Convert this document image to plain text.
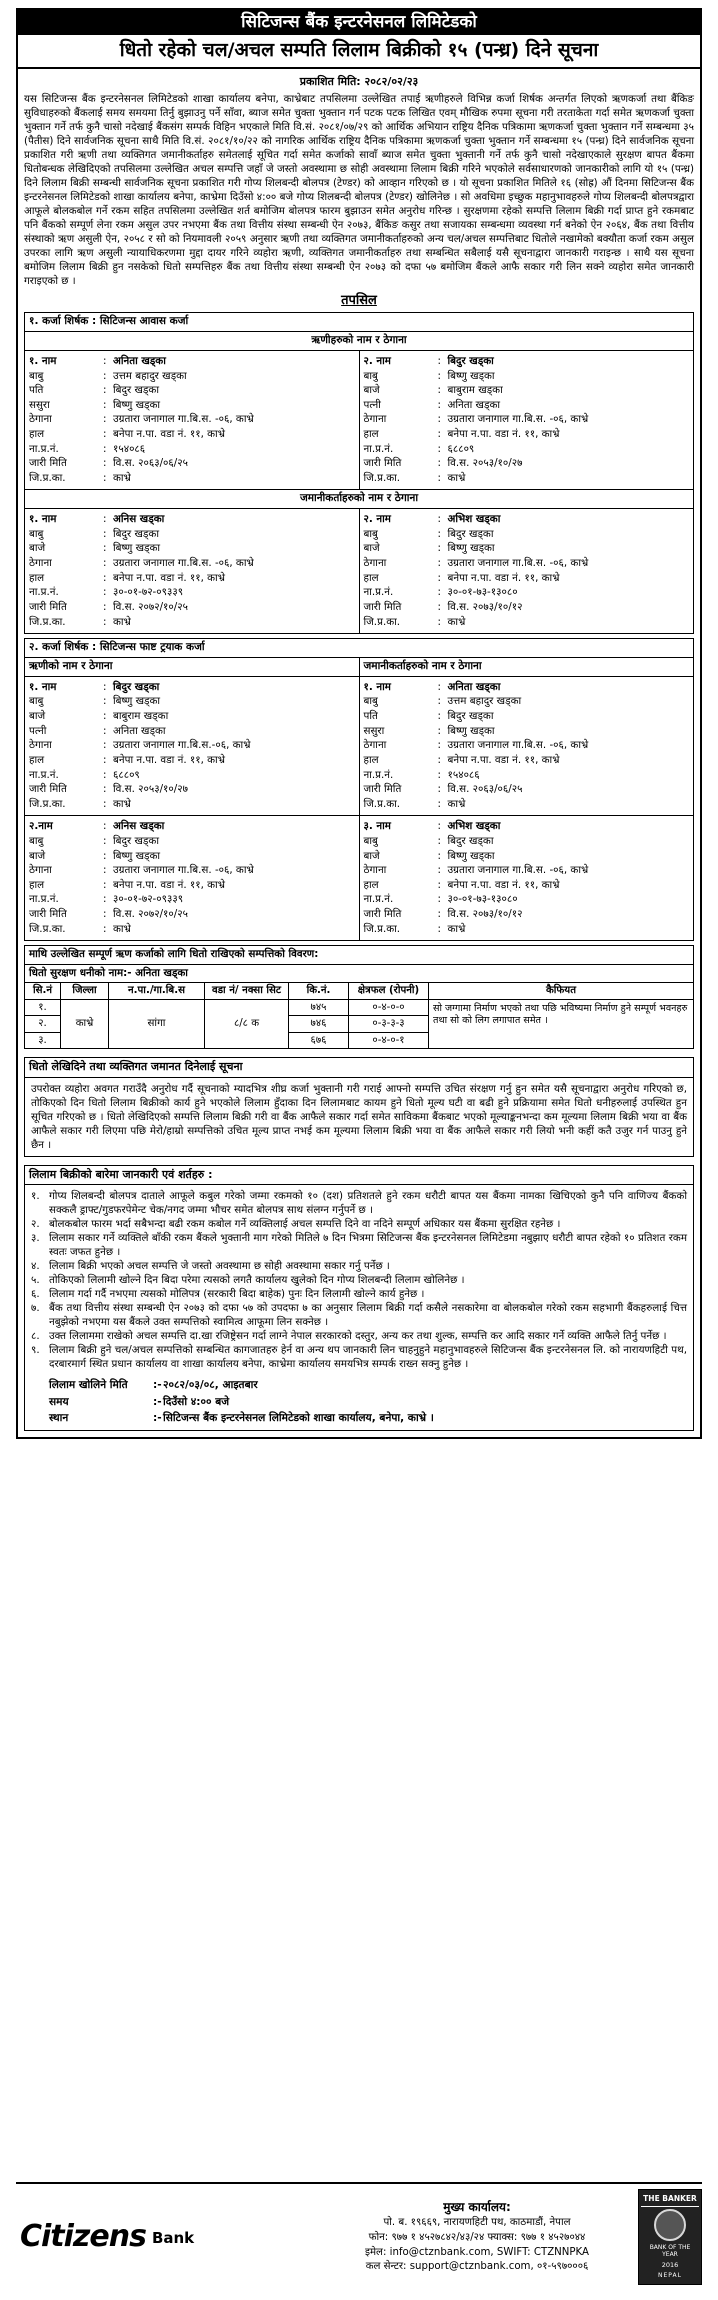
सिटिजन्स बैंक इन्टरनेसनल लिमिटेडको
धितो रहेको चल/अचल सम्पति लिलाम बिक्रीको १५ (पन्ध्र) दिने सूचना
प्रकाशित मिति: २०८२/०२/२३
यस सिटिजन्स बैंक इन्टरनेसनल लिमिटेडको शाखा कार्यालय बनेपा, काभ्रेबाट तपसिलमा उल्लेखित तपाई ऋणीहरुले विभिन्न कर्जा शिर्षक अन्तर्गत लिएको ऋणकर्जा तथा बैंकिङ सुविधाहरुको बैंकलाई समय समयमा तिर्नु बुझाउनु पर्ने साँवा, ब्याज समेत चुक्ता भुक्तान गर्न पटक पटक लिखित एवम् मौखिक रुपमा सूचना गरी तरताकेता गर्दा समेत ऋणकर्जा चुक्ता भुक्तान गर्ने तर्फ कुनै चासो नदेखाई बैंकसंग सम्पर्क विहिन भएकाले मिति वि.सं. २०८१/०७/२९ को आर्थिक अभियान राष्ट्रिय दैनिक पत्रिकामा ऋणकर्जा चुक्ता भुक्तान गर्ने सम्बन्धमा ३५ (पैतीस) दिने सार्वजनिक सूचना साथै मिति वि.सं. २०८१/१०/२२ को नागरिक आर्थिक राष्ट्रिय दैनिक पत्रिकामा ऋणकर्जा चुक्ता भुक्तान गर्ने सम्बन्धमा १५ (पन्ध्र) दिने सार्वजनिक सूचना प्रकाशित गरी ऋणी तथा व्यक्तिगत जमानीकर्ताहरु समेतलाई सूचित गर्दा समेत कर्जाको सावाँ ब्याज समेत चुक्ता भुक्तानी गर्ने तर्फ कुनै चासो नदेखाएकाले सुरक्षण बापत बैंकमा धितोबन्धक लेखिदिएको तपसिलमा उल्लेखित अचल सम्पत्ति जहाँ जे जस्तो अवस्थामा छ सोही अवस्थामा लिलाम बिक्री गरिने भएकोले सर्वसाधारणको जानकारीको लागि यो १५ (पन्ध्र) दिने लिलाम बिक्री सम्बन्धी सार्वजनिक सूचना प्रकाशित गरी गोप्य शिलबन्दी बोलपत्र (टेण्डर) को आव्हान गरिएको छ । यो सूचना प्रकाशित मितिले १६ (सोह्र) औं दिनमा सिटिजन्स बैंक इन्टरनेसनल लिमिटेडको शाखा कार्यालय बनेपा, काभ्रेमा दिउँसो ४:०० बजे गोप्य शिलबन्दी बोलपत्र (टेण्डर) खोलिनेछ । सो अवधिमा इच्छुक महानुभावहरुले गोप्य शिलबन्दी बोलपत्रद्वारा आफूले बोलकबोल गर्ने रकम सहित तपसिलमा उल्लेखित शर्त बमोजिम बोलपत्र फारम बुझाउन समेत अनुरोध गरिन्छ । सुरक्षणमा रहेको सम्पत्ति लिलाम बिक्री गर्दा प्राप्त हुने रकमबाट पनि बैंकको सम्पूर्ण लेना रकम असुल उपर नभएमा बैंक तथा वित्तीय संस्था सम्बन्धी ऐन २०७३, बैंकिङ कसुर तथा सजायका सम्बन्धमा व्यवस्था गर्न बनेको ऐन २०६४, बैंक तथा वित्तीय संस्थाको ऋण असुली ऐन, २०५८ र सो को नियमावली २०५९ अनुसार ऋणी तथा व्यक्तिगत जमानीकर्ताहरुको अन्य चल/अचल सम्पत्तिबाट धितोले नखामेको बक्यौता कर्जा रकम असुल उपरका लागि ऋण असुली न्यायाधिकरणमा मुद्दा दायर गरिने व्यहोरा ऋणी, व्यक्तिगत जमानीकर्ताहरु तथा सम्बन्धित सबैलाई यसै सूचनाद्वारा जानकारी गराइन्छ । साथै यस सूचना बमोजिम लिलाम बिक्री हुन नसकेको धितो सम्पत्तिहरु बैंक तथा वित्तीय संस्था सम्बन्धी ऐन २०७३ को दफा ५७ बमोजिम बैंकले आफै सकार गरी लिन सक्ने व्यहोरा समेत जानकारी गराइएको छ ।
तपसिल
१. कर्जा शिर्षक : सिटिजन्स आवास कर्जा
ऋणीहरुको नाम र ठेगाना
१. नाम	: अनिता खड्का
बाबु	: उत्तम बहादुर खड्का
पति	: बिदुर खड्का
ससुरा	: बिष्णु खड्का
ठेगाना	: उग्रतारा जनागाल गा.बि.स. -०६, काभ्रे
हाल	: बनेपा न.पा. वडा नं. ११, काभ्रे
ना.प्र.नं.	: १५४०८६
जारी मिति	: वि.स. २०६३/०६/२५
जि.प्र.का.	: काभ्रे
२. नाम	: बिदुर खड्का
बाबु	: बिष्णु खड्का
बाजे	: बाबुराम खड्का
पत्नी	: अनिता खड्का
ठेगाना	: उग्रतारा जनागाल गा.बि.स. -०६, काभ्रे
हाल	: बनेपा न.पा. वडा नं. ११, काभ्रे
ना.प्र.नं.	: ६८८०९
जारी मिति	: वि.स. २०५३/१०/२७
जि.प्र.का.	: काभ्रे
जमानीकर्ताहरुको नाम र ठेगाना
१. नाम	: अनिस खड्का
बाबु	: बिदुर खड्का
बाजे	: बिष्णु खड्का
ठेगाना	: उग्रतारा जनागाल गा.बि.स. -०६, काभ्रे
हाल	: बनेपा न.पा. वडा नं. ११, काभ्रे
ना.प्र.नं.	: ३०-०१-७२-०९३३९
जारी मिति	: वि.स. २०७२/१०/२५
जि.प्र.का.	: काभ्रे
२. नाम	: अभिश खड्का
बाबु	: बिदुर खड्का
बाजे	: बिष्णु खड्का
ठेगाना	: उग्रतारा जनागाल गा.बि.स. -०६, काभ्रे
हाल	: बनेपा न.पा. वडा नं. ११, काभ्रे
ना.प्र.नं.	: ३०-०१-७३-१३०८०
जारी मिति	: वि.स. २०७३/१०/१२
जि.प्र.का.	: काभ्रे
२. कर्जा शिर्षक : सिटिजन्स फाष्ट ट्रयाक कर्जा
ऋणीको नाम र ठेगाना	जमानीकर्ताहरुको नाम र ठेगाना
१. नाम	: बिदुर खड्का
बाबु	: बिष्णु खड्का
बाजे	: बाबुराम खड्का
पत्नी	: अनिता खड्का
ठेगाना	: उग्रतारा जनागाल गा.बि.स.-०६, काभ्रे
हाल	: बनेपा न.पा. वडा नं. ११, काभ्रे
ना.प्र.नं.	: ६८८०९
जारी मिति	: वि.स. २०५३/१०/२७
जि.प्र.का.	: काभ्रे
१. नाम	: अनिता खड्का
बाबु	: उत्तम बहादुर खड्का
पति	: बिदुर खड्का
ससुरा	: बिष्णु खड्का
ठेगाना	: उग्रतारा जनागाल गा.बि.स. -०६, काभ्रे
हाल	: बनेपा न.पा. वडा नं. ११, काभ्रे
ना.प्र.नं.	: १५४०८६
जारी मिति	: वि.स. २०६३/०६/२५
जि.प्र.का.	: काभ्रे
२.नाम	: अनिस खड्का
बाबु	: बिदुर खड्का
बाजे	: बिष्णु खड्का
ठेगाना	: उग्रतारा जनागाल गा.बि.स. -०६, काभ्रे
हाल	: बनेपा न.पा. वडा नं. ११, काभ्रे
ना.प्र.नं.	: ३०-०१-७२-०९३३९
जारी मिति	: वि.स. २०७२/१०/२५
जि.प्र.का.	: काभ्रे
३. नाम	: अभिश खड्का
बाबु	: बिदुर खड्का
बाजे	: बिष्णु खड्का
ठेगाना	: उग्रतारा जनागाल गा.बि.स. -०६, काभ्रे
हाल	: बनेपा न.पा. वडा नं. ११, काभ्रे
ना.प्र.नं.	: ३०-०१-७३-१३०८०
जारी मिति	: वि.स. २०७३/१०/१२
जि.प्र.का.	: काभ्रे
माथि उल्लेखित सम्पूर्ण ऋण कर्जाको लागि धितो राखिएको सम्पत्तिको विवरण:
धितो सुरक्षण धनीको नाम:- अनिता खड्का
सि.नं	जिल्ला	न.पा./गा.बि.स	वडा नं/ नक्सा सिट	कि.नं.	क्षेत्रफल (रोपनी)	कैफियत
१.	काभ्रे	सांगा	८/८ क	७४५	०-४-०-०	सो जग्गामा निर्माण भएको तथा पछि भविष्यमा निर्माण हुने सम्पूर्ण भवनहरु तथा सो को लिग लगापात समेत ।
२.				७४६	०-३-३-३	
३.				६७६	०-४-०-१	
धितो लेखिदिने तथा व्यक्तिगत जमानत दिनेलाई सूचना
उपरोक्त व्यहोरा अवगत गराउँदै अनुरोध गर्दै सूचनाको म्यादभित्र शीघ्र कर्जा भुक्तानी गरी गराई आफ्नो सम्पत्ति उचित संरक्षण गर्नु हुन समेत यसै सूचनाद्वारा अनुरोध गरिएको छ, तोकिएको दिन धितो लिलाम बिक्रीको कार्य हुने भएकोले लिलाम हुँदाका दिन लिलामबाट कायम हुने धितो मूल्य घटी वा बढी हुने प्रक्रियामा समेत धितो धनीहरुलाई उपस्थित हुन सूचित गरिएको छ । धितो लेखिदिएको सम्पत्ति लिलाम बिक्री गरी वा बैंक आफैले सकार गर्दा समेत साविकमा बैंकबाट भएको मूल्याङ्कनभन्दा कम मूल्यमा लिलाम बिक्री भया वा बैंक आफैले सकार गरी लिएमा पछि मेरो/हाम्रो सम्पत्तिको उचित मूल्य प्राप्त नभई कम मूल्यमा लिलाम बिक्री भया वा बैंक आफैले सकार गरी लियो भनी कहीं कतै उजुर गर्न पाउनु हुने छैन ।
लिलाम बिक्रीको बारेमा जानकारी एवं शर्तहरु :
१. गोप्य शिलबन्दी बोलपत्र दाताले आफूले कबुल गरेको जम्मा रकमको १० (दश) प्रतिशतले हुने रकम धरौटी बापत यस बैंकमा नामका खिचिएको कुनै पनि वाणिज्य बैंकको सक्कलै ड्राफ्ट/गुडफरपेमेन्ट चेक/नगद जम्मा भौचर समेत बोलपत्र साथ संलग्न गर्नुपर्ने छ ।
२. बोलकबोल फारम भर्दा सबैभन्दा बढी रकम कबोल गर्ने व्यक्तिलाई अचल सम्पत्ति दिने वा नदिने सम्पूर्ण अधिकार यस बैंकमा सुरक्षित रहनेछ ।
३. लिलाम सकार गर्ने व्यक्तिले बाँकी रकम बैंकले भुक्तानी माग गरेको मितिले ७ दिन भित्रमा सिटिजन्स बैंक इन्टरनेसनल लिमिटेडमा नबुझाए धरौटी बापत रहेको १० प्रतिशत रकम स्वतः जफत हुनेछ ।
४. लिलाम बिक्री भएको अचल सम्पत्ति जे जस्तो अवस्थामा छ सोही अवस्थामा सकार गर्नु पर्नेछ ।
५. तोकिएको लिलामी खोल्ने दिन बिदा परेमा त्यसको लगतै कार्यालय खुलेको दिन गोप्य शिलबन्दी लिलाम खोलिनेछ ।
६. लिलाम गर्दा गर्दै नभएमा त्यसको मोलिपत्र (सरकारी बिदा बाहेक) पुनः दिन लिलामी खोल्ने कार्य हुनेछ ।
७. बैंक तथा वित्तीय संस्था सम्बन्धी ऐन २०७३ को दफा ५७ को उपदफा ७ का अनुसार लिलाम बिक्री गर्दा कसैले नसकारेमा वा बोलकबोल गरेको रकम सहभागी बैंकहरुलाई चित्त नबुझेको नभएमा यस बैंकले उक्त सम्पत्तिको स्वामित्व आफूमा लिन सक्नेछ ।
८. उक्त लिलाममा राखेको अचल सम्पत्ति दा.खा रजिष्ट्रेसन गर्दा लाग्ने नेपाल सरकारको दस्तुर, अन्य कर तथा शुल्क, सम्पत्ति कर आदि सकार गर्ने व्यक्ति आफैले तिर्नु पर्नेछ ।
९. लिलाम बिक्री हुने चल/अचल सम्पत्तिको सम्बन्धित कागजातहरु हेर्न वा अन्य थप जानकारी लिन चाहनुहुने महानुभावहरुले सिटिजन्स बैंक इन्टरनेसनल लि. को नारायणहिटी पथ, दरबारमार्ग स्थित प्रधान कार्यालय वा शाखा कार्यालय बनेपा, काभ्रेमा कार्यालय समयभित्र सम्पर्क राख्न सक्नु हुनेछ ।
लिलाम खोलिने मिति	:- २०८२/०३/०८, आइतबार
समय	:- दिउँसो ४:०० बजे
स्थान	:- सिटिजन्स बैंक इन्टरनेसनल लिमिटेडको शाखा कार्यालय, बनेपा, काभ्रे ।
Citizens Bank
मुख्य कार्यालय:
पो. ब. १९६६९, नारायणहिटी पथ, काठमाडौं, नेपाल
फोन: ९७७ १ ४५२७८४२/४३/२४ फ्याक्स: ९७७ १ ४५२७०४४
इमेल: info@ctznbank.com, SWIFT: CTZNNPKA
कल सेन्टर: support@ctznbank.com, ०१-५९७०००६
THE BANKER
BANK OF THE YEAR
2016
NEPAL
